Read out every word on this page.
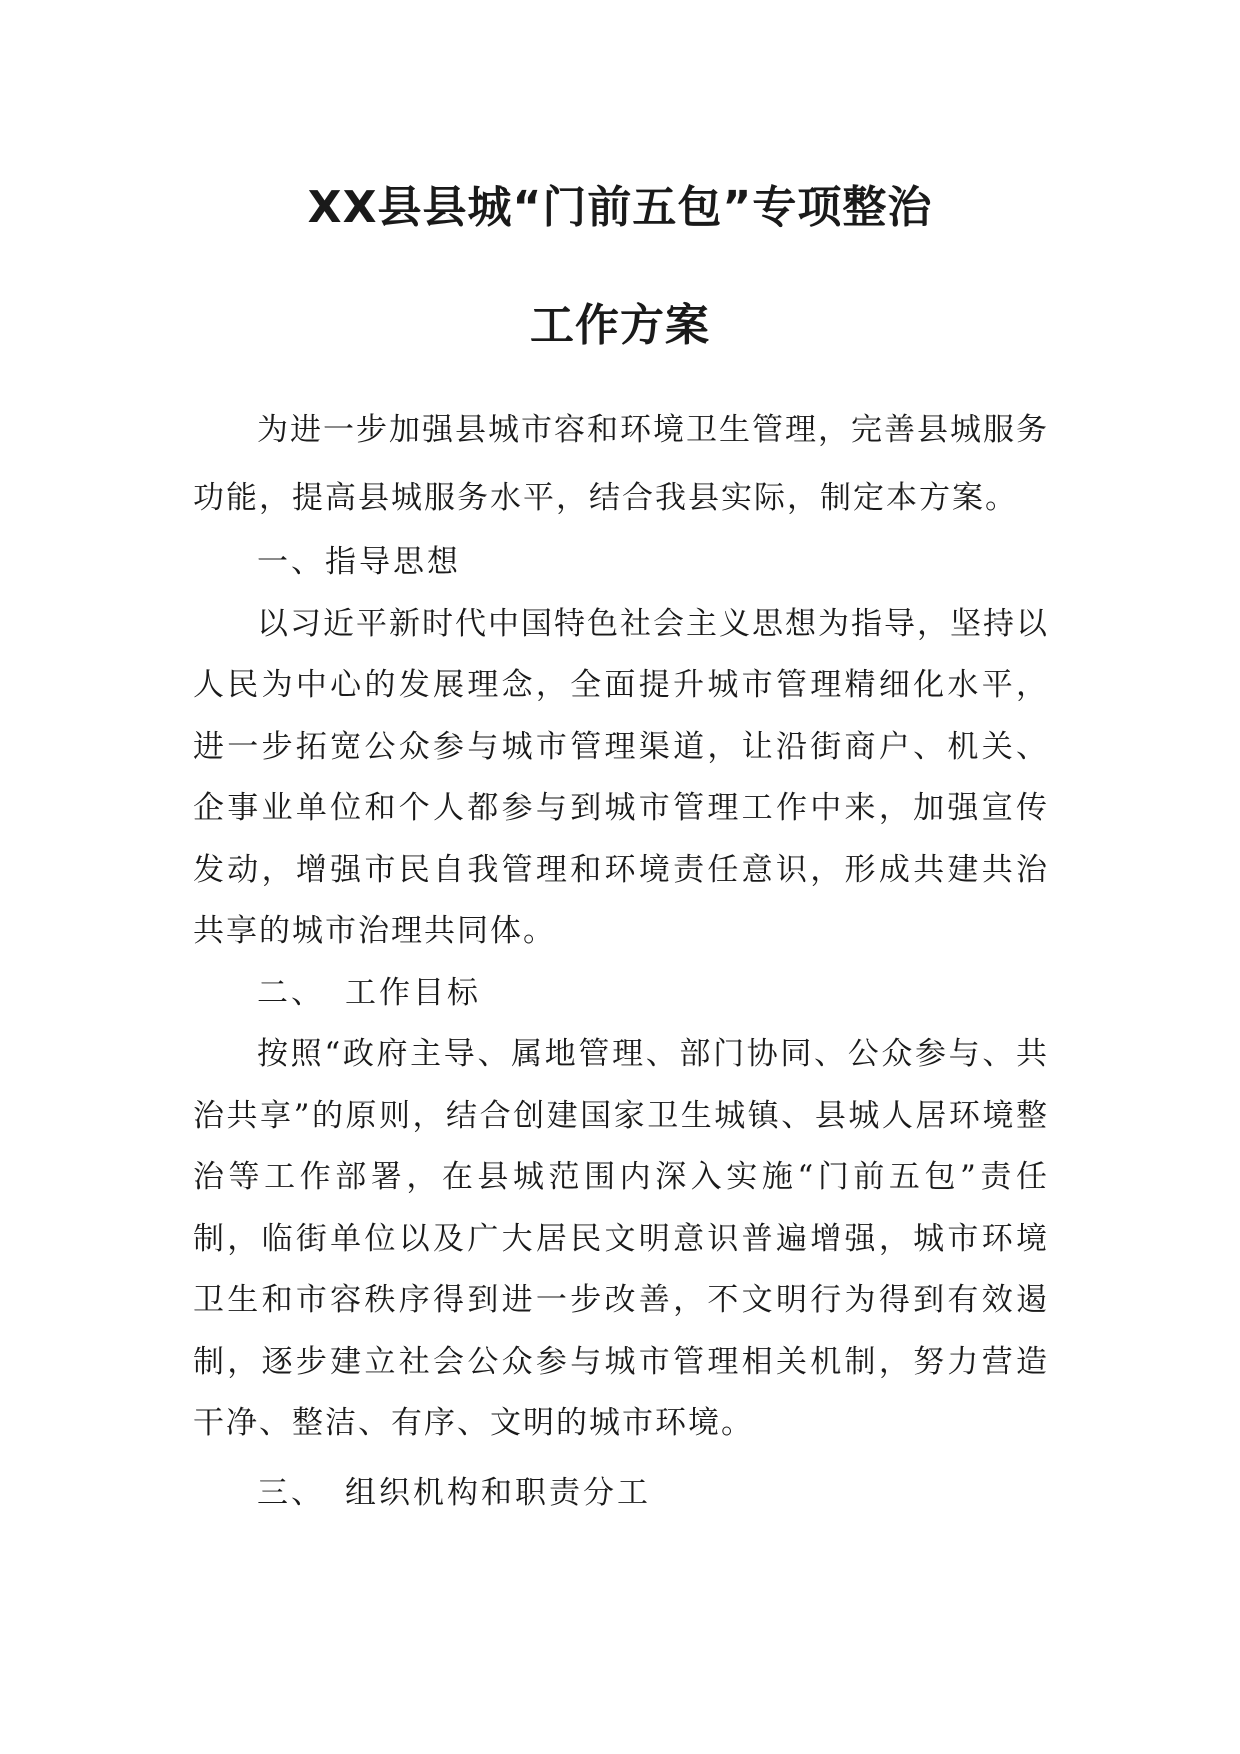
XX县县城“门前五包”专项整治
工作方案

为进一步加强县城市容和环境卫生管理，完善县城服务功能，提高县城服务水平，结合我县实际，制定本方案。

一、指导思想

以习近平新时代中国特色社会主义思想为指导，坚持以人民为中心的发展理念，全面提升城市管理精细化水平，进一步拓宽公众参与城市管理渠道，让沿街商户、机关、企事业单位和个人都参与到城市管理工作中来，加强宣传发动，增强市民自我管理和环境责任意识，形成共建共治共享的城市治理共同体。

二、 工作目标

按照“政府主导、属地管理、部门协同、公众参与、共治共享”的原则，结合创建国家卫生城镇、县城人居环境整治等工作部署，在县城范围内深入实施“门前五包”责任制，临街单位以及广大居民文明意识普遍增强，城市环境卫生和市容秩序得到进一步改善，不文明行为得到有效遏制，逐步建立社会公众参与城市管理相关机制，努力营造干净、整洁、有序、文明的城市环境。

三、 组织机构和职责分工
